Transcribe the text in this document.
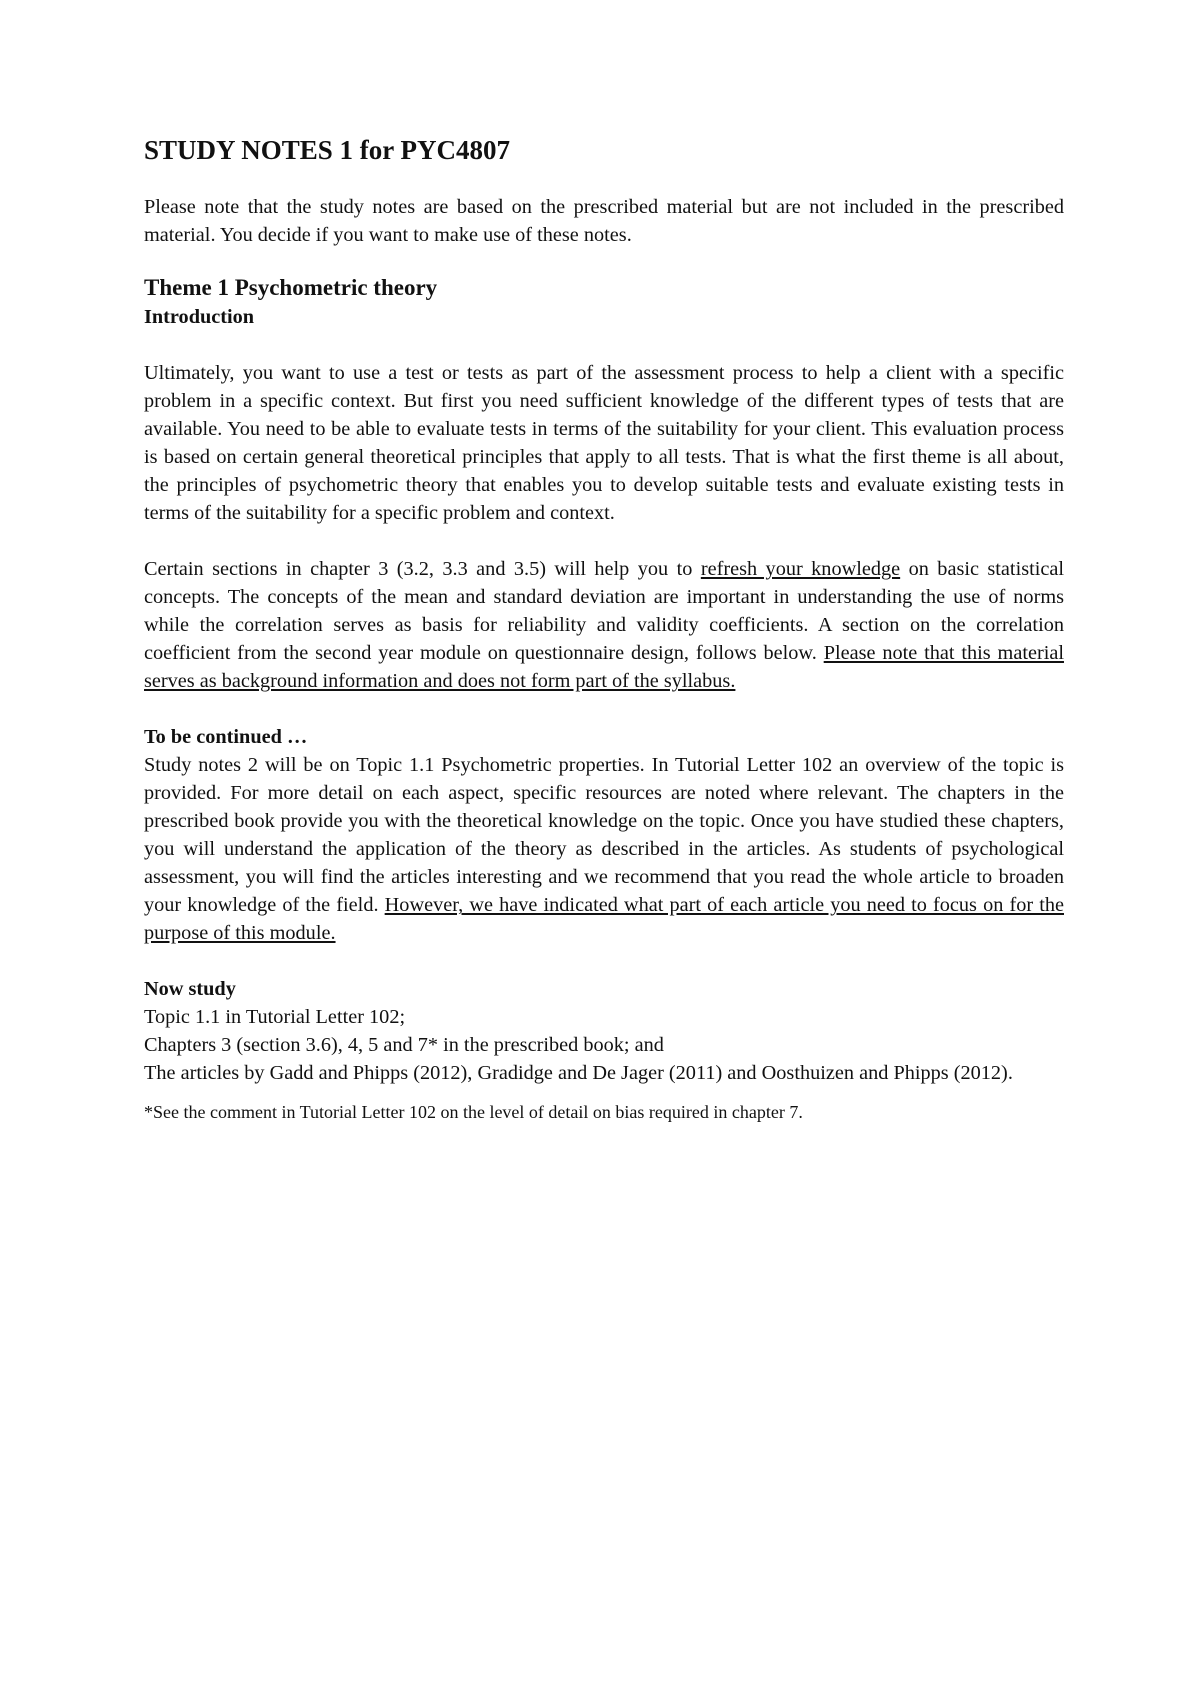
STUDY NOTES 1 for PYC4807

Please note that the study notes are based on the prescribed material but are not included in the prescribed material. You decide if you want to make use of these notes.

Theme 1 Psychometric theory

Introduction

Ultimately, you want to use a test or tests as part of the assessment process to help a client with a specific problem in a specific context. But first you need sufficient knowledge of the different types of tests that are available. You need to be able to evaluate tests in terms of the suitability for your client. This evaluation process is based on certain general theoretical principles that apply to all tests. That is what the first theme is all about, the principles of psychometric theory that enables you to develop suitable tests and evaluate existing tests in terms of the suitability for a specific problem and context.

Certain sections in chapter 3 (3.2, 3.3 and 3.5) will help you to refresh your knowledge on basic statistical concepts. The concepts of the mean and standard deviation are important in understanding the use of norms while the correlation serves as basis for reliability and validity coefficients. A section on the correlation coefficient from the second year module on questionnaire design, follows below. Please note that this material serves as background information and does not form part of the syllabus.

To be continued …

Study notes 2 will be on Topic 1.1 Psychometric properties. In Tutorial Letter 102 an overview of the topic is provided. For more detail on each aspect, specific resources are noted where relevant. The chapters in the prescribed book provide you with the theoretical knowledge on the topic. Once you have studied these chapters, you will understand the application of the theory as described in the articles. As students of psychological assessment, you will find the articles interesting and we recommend that you read the whole article to broaden your knowledge of the field. However, we have indicated what part of each article you need to focus on for the purpose of this module.

Now study

Topic 1.1 in Tutorial Letter 102;

Chapters 3 (section 3.6), 4, 5 and 7* in the prescribed book; and

The articles by Gadd and Phipps (2012), Gradidge and De Jager (2011) and Oosthuizen and Phipps (2012).

*See the comment in Tutorial Letter 102 on the level of detail on bias required in chapter 7.
